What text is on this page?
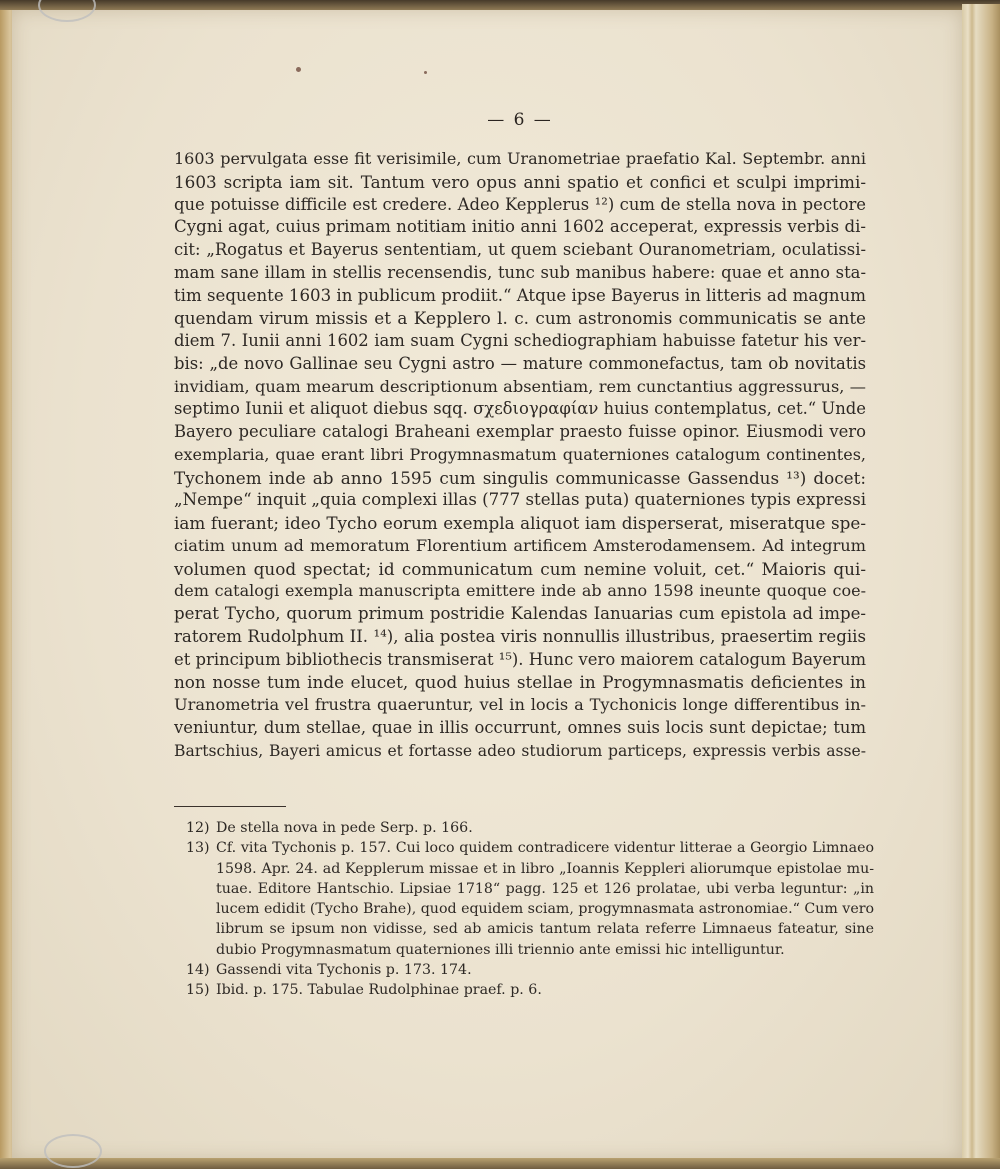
— 6 —
1603 pervulgata esse fit verisimile, cum Uranometriae praefatio Kal. Septembr. anni
1603 scripta iam sit. Tantum vero opus anni spatio et confici et sculpi imprimi-
que potuisse difficile est credere. Adeo Kepplerus ¹²) cum de stella nova in pectore
Cygni agat, cuius primam notitiam initio anni 1602 acceperat, expressis verbis di-
cit: „Rogatus et Bayerus sententiam, ut quem sciebant Ouranometriam, oculatissi-
mam sane illam in stellis recensendis, tunc sub manibus habere: quae et anno sta-
tim sequente 1603 in publicum prodiit.“ Atque ipse Bayerus in litteris ad magnum
quendam virum missis et a Kepplero l. c. cum astronomis communicatis se ante
diem 7. Iunii anni 1602 iam suam Cygni schediographiam habuisse fatetur his ver-
bis: „de novo Gallinae seu Cygni astro — mature commonefactus, tam ob novitatis
invidiam, quam mearum descriptionum absentiam, rem cunctantius aggressurus, —
septimo Iunii et aliquot diebus sqq. σχεδιογραφίαν huius contemplatus, cet.“ Unde
Bayero peculiare catalogi Braheani exemplar praesto fuisse opinor. Eiusmodi vero
exemplaria, quae erant libri Progymnasmatum quaterniones catalogum continentes,
Tychonem inde ab anno 1595 cum singulis communicasse Gassendus ¹³) docet:
„Nempe“ inquit „quia complexi illas (777 stellas puta) quaterniones typis expressi
iam fuerant; ideo Tycho eorum exempla aliquot iam disperserat, miseratque spe-
ciatim unum ad memoratum Florentium artificem Amsterodamensem. Ad integrum
volumen quod spectat; id communicatum cum nemine voluit, cet.“ Maioris qui-
dem catalogi exempla manuscripta emittere inde ab anno 1598 ineunte quoque coe-
perat Tycho, quorum primum postridie Kalendas Ianuarias cum epistola ad impe-
ratorem Rudolphum II. ¹⁴), alia postea viris nonnullis illustribus, praesertim regiis
et principum bibliothecis transmiserat ¹⁵). Hunc vero maiorem catalogum Bayerum
non nosse tum inde elucet, quod huius stellae in Progymnasmatis deficientes in
Uranometria vel frustra quaeruntur, vel in locis a Tychonicis longe differentibus in-
veniuntur, dum stellae, quae in illis occurrunt, omnes suis locis sunt depictae; tum
Bartschius, Bayeri amicus et fortasse adeo studiorum particeps, expressis verbis asse-
12) De stella nova in pede Serp. p. 166.
13) Cf. vita Tychonis p. 157. Cui loco quidem contradicere videntur litterae a Georgio Limnaeo
1598. Apr. 24. ad Kepplerum missae et in libro „Ioannis Keppleri aliorumque epistolae mu-
tuae. Editore Hantschio. Lipsiae 1718“ pagg. 125 et 126 prolatae, ubi verba leguntur: „in
lucem edidit (Tycho Brahe), quod equidem sciam, progymnasmata astronomiae.“ Cum vero
librum se ipsum non vidisse, sed ab amicis tantum relata referre Limnaeus fateatur, sine
dubio Progymnasmatum quaterniones illi triennio ante emissi hic intelliguntur.
14) Gassendi vita Tychonis p. 173. 174.
15) Ibid. p. 175. Tabulae Rudolphinae praef. p. 6.
